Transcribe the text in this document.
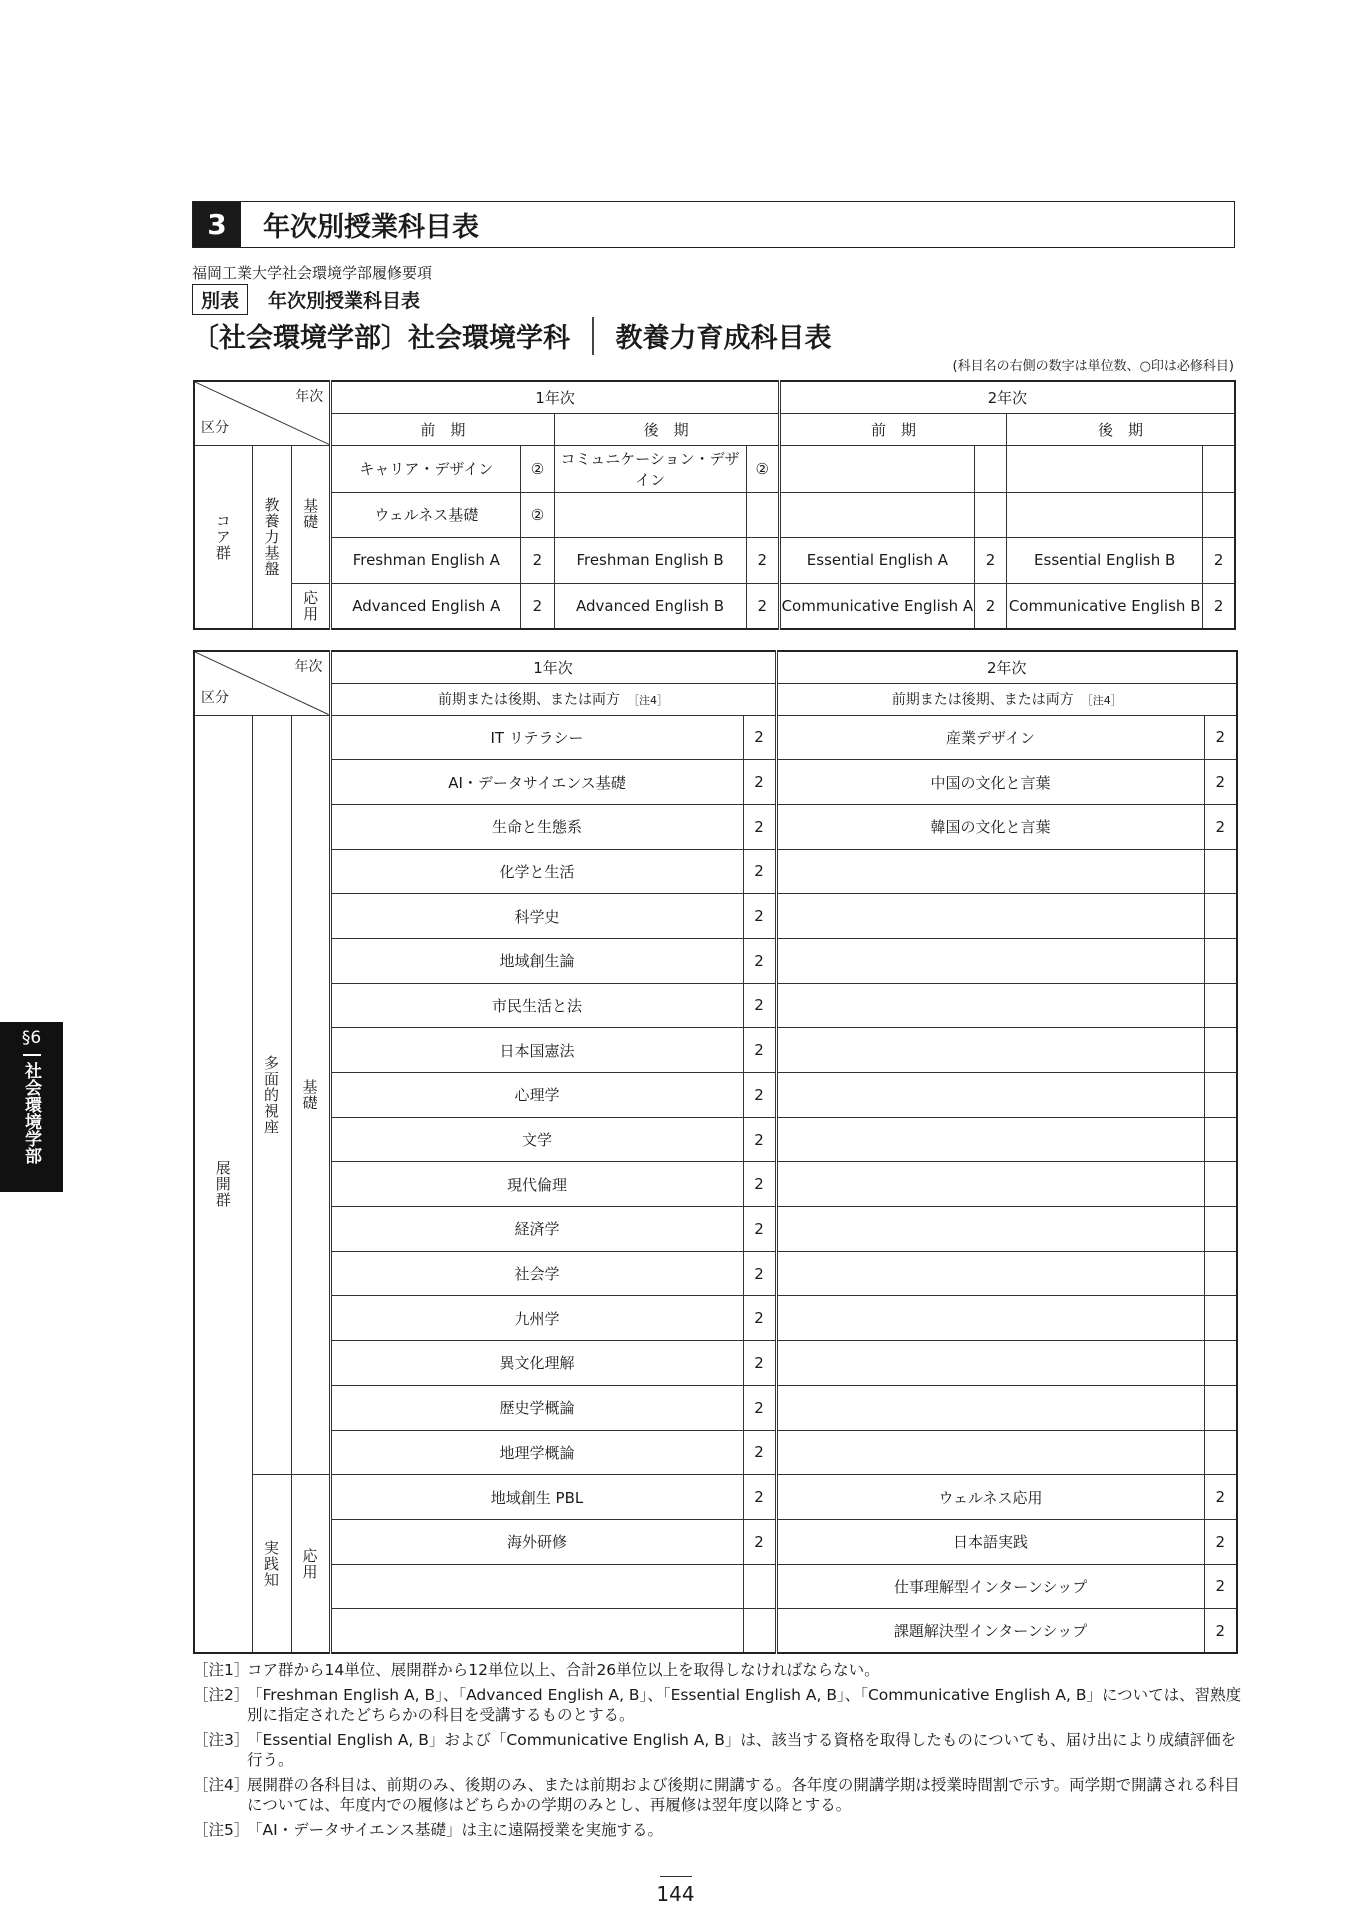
3	年次別授業科目表
福岡工業大学社会環境学部履修要項
別表	年次別授業科目表
〔社会環境学部〕社会環境学科 教養力育成科目表
(科目名の右側の数字は単位数、○印は必修科目)
年次
区分			1年次				2年次			
			前　期		後　期		前　期		後　期	
コア群	教養力基盤	基礎	キャリア・デザイン	②	コミュニケーション・デザイン	②				
			ウェルネス基礎	②						
			Freshman English A	2	Freshman English B	2	Essential English A	2	Essential English B	2
		応用	Advanced English A	2	Advanced English B	2	Communicative English A	2	Communicative English B	2
年次
区分			1年次		2年次	
			前期または後期、または両方 ［注4］		前期または後期、または両方 ［注4］	
展開群	多面的視座	基礎	IT リテラシー	2	産業デザイン	2
			AI・データサイエンス基礎	2	中国の文化と言葉	2
			生命と生態系	2	韓国の文化と言葉	2
			化学と生活	2		
			科学史	2		
			地域創生論	2		
			市民生活と法	2		
			日本国憲法	2		
			心理学	2		
			文学	2		
			現代倫理	2		
			経済学	2		
			社会学	2		
			九州学	2		
			異文化理解	2		
			歴史学概論	2		
			地理学概論	2		
	実践知	応用	地域創生 PBL	2	ウェルネス応用	2
			海外研修	2	日本語実践	2
					仕事理解型インターンシップ	2
					課題解決型インターンシップ	2
［注1］
コア群から14単位、展開群から12単位以上、合計26単位以上を取得しなければならない。
［注2］
「Freshman English A, B」、「Advanced English A, B」、「Essential English A, B」、「Communicative English A, B」については、習熟度別に指定されたどちらかの科目を受講するものとする。
［注3］
「Essential English A, B」および「Communicative English A, B」は、該当する資格を取得したものについても、届け出により成績評価を行う。
［注4］
展開群の各科目は、前期のみ、後期のみ、または前期および後期に開講する。各年度の開講学期は授業時間割で示す。両学期で開講される科目については、年度内での履修はどちらかの学期のみとし、再履修は翌年度以降とする。
［注5］
「AI・データサイエンス基礎」は主に遠隔授業を実施する。
144
§6
社会環境学部
